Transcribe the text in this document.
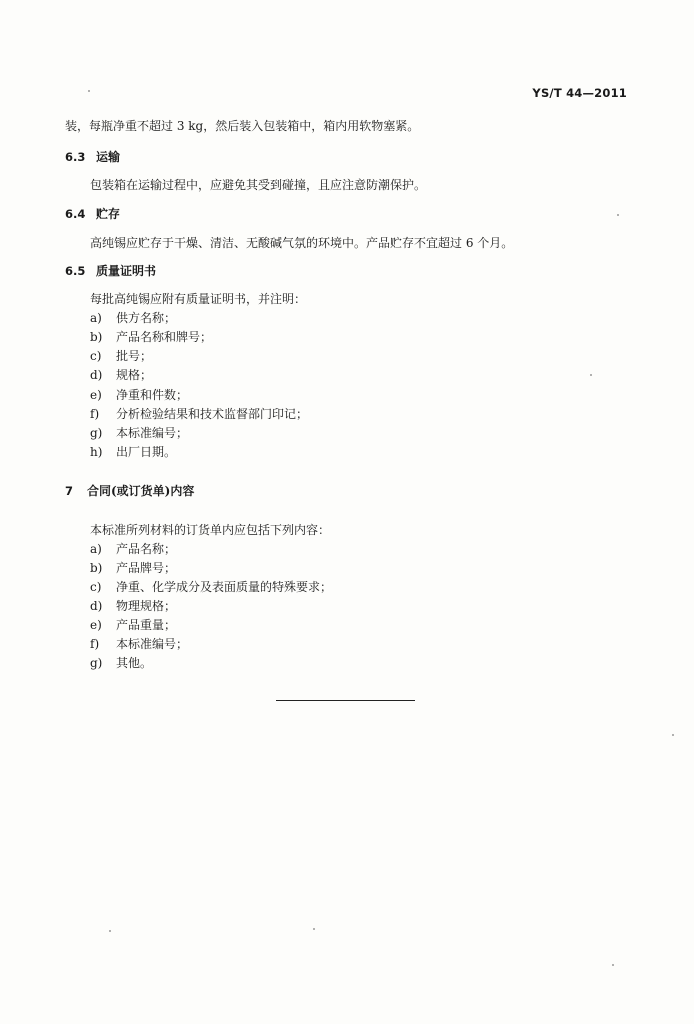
YS/T 44—2011
装，每瓶净重不超过 3 kg，然后装入包装箱中，箱内用软物塞紧。
6.3 运输
包装箱在运输过程中，应避免其受到碰撞，且应注意防潮保护。
6.4 贮存
高纯锡应贮存于干燥、清洁、无酸碱气氛的环境中。产品贮存不宜超过 6 个月。
6.5 质量证明书
每批高纯锡应附有质量证明书，并注明：
a) 供方名称；
b) 产品名称和牌号；
c) 批号；
d) 规格；
e) 净重和件数；
f) 分析检验结果和技术监督部门印记；
g) 本标准编号；
h) 出厂日期。
7 合同(或订货单)内容
本标准所列材料的订货单内应包括下列内容：
a) 产品名称；
b) 产品牌号；
c) 净重、化学成分及表面质量的特殊要求；
d) 物理规格；
e) 产品重量；
f) 本标准编号；
g) 其他。
